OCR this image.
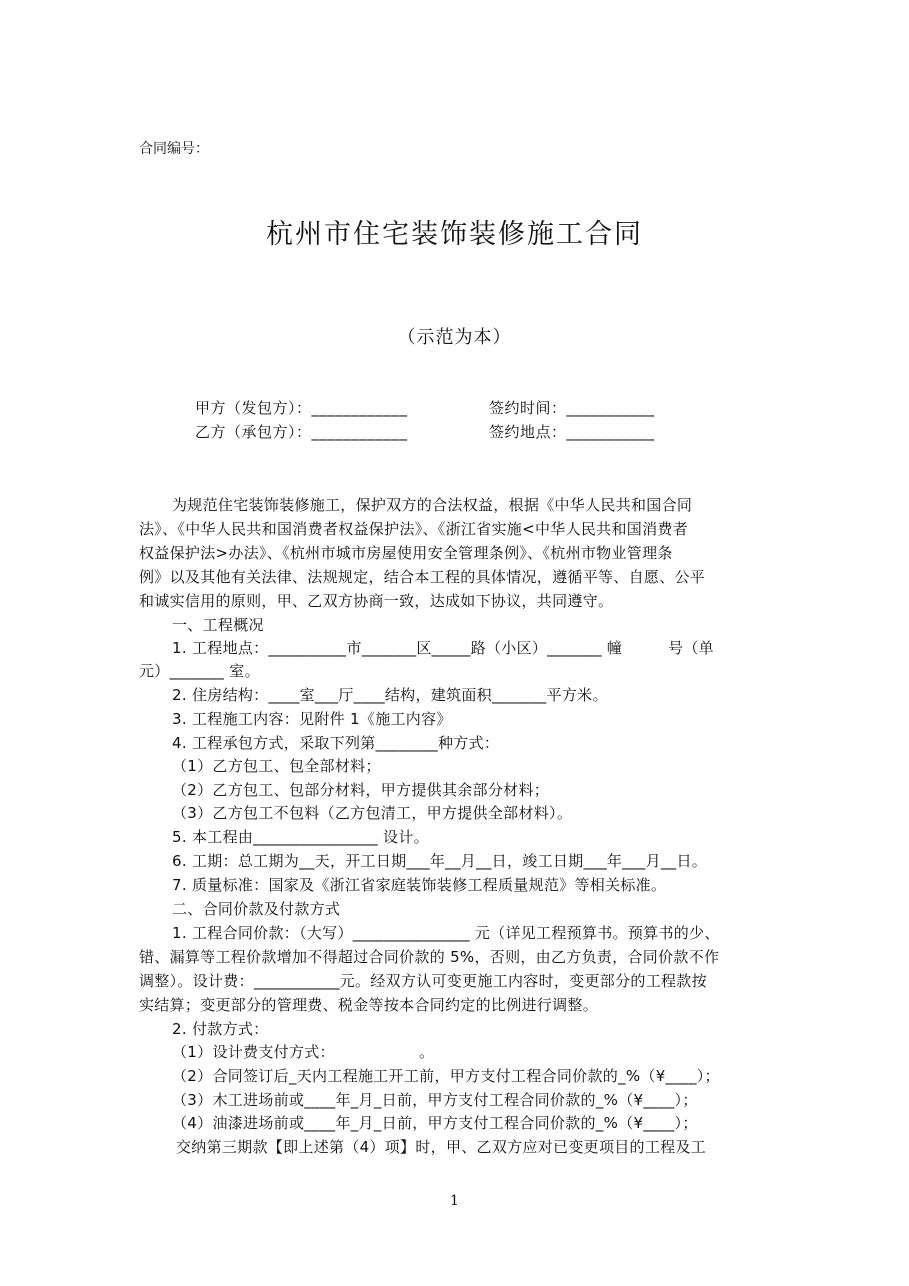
合同编号：
杭州市住宅装饰装修施工合同
（示范为本）
甲方（发包方）：____________	签约时间：___________
乙方（承包方）：____________	签约地点：___________
为规范住宅装饰装修施工，保护双方的合法权益，根据《中华人民共和国合同
法》、《中华人民共和国消费者权益保护法》、《浙江省实施<中华人民共和国消费者
权益保护法>办法》、《杭州市城市房屋使用安全管理条例》、《杭州市物业管理条
例》以及其他有关法律、法规规定，结合本工程的具体情况，遵循平等、自愿、公平
和诚实信用的原则，甲、乙双方协商一致，达成如下协议，共同遵守。
一、工程概况
1. 工程地点：__________市_______区_____路（小区）_______ 幢　　　号（单
元）_______ 室。
2. 住房结构：____室___厅____结构，建筑面积_______平方米。
3. 工程施工内容：见附件 1《施工内容》
4. 工程承包方式，采取下列第________种方式：
（1）乙方包工、包全部材料；
（2）乙方包工、包部分材料，甲方提供其余部分材料；
（3）乙方包工不包料（乙方包清工，甲方提供全部材料）。
5. 本工程由________________ 设计。
6. 工期：总工期为__天，开工日期___年__月__日，竣工日期___年___月__日。
7. 质量标准：国家及《浙江省家庭装饰装修工程质量规范》等相关标准。
二、合同价款及付款方式
1. 工程合同价款：（大写）_______________ 元（详见工程预算书。预算书的少、
错、漏算等工程价款增加不得超过合同价款的 5%，否则，由乙方负责，合同价款不作
调整）。设计费：___________元。经双方认可变更施工内容时，变更部分的工程款按
实结算；变更部分的管理费、税金等按本合同约定的比例进行调整。
2. 付款方式：
（1）设计费支付方式：　　　　　　。
（2）合同签订后_天内工程施工开工前，甲方支付工程合同价款的_%（¥____）；
（3）木工进场前或____年_月_日前，甲方支付工程合同价款的_%（¥____）；
（4）油漆进场前或____年_月_日前，甲方支付工程合同价款的_%（¥____）；
交纳第三期款【即上述第（4）项】时，甲、乙双方应对已变更项目的工程及工
1
